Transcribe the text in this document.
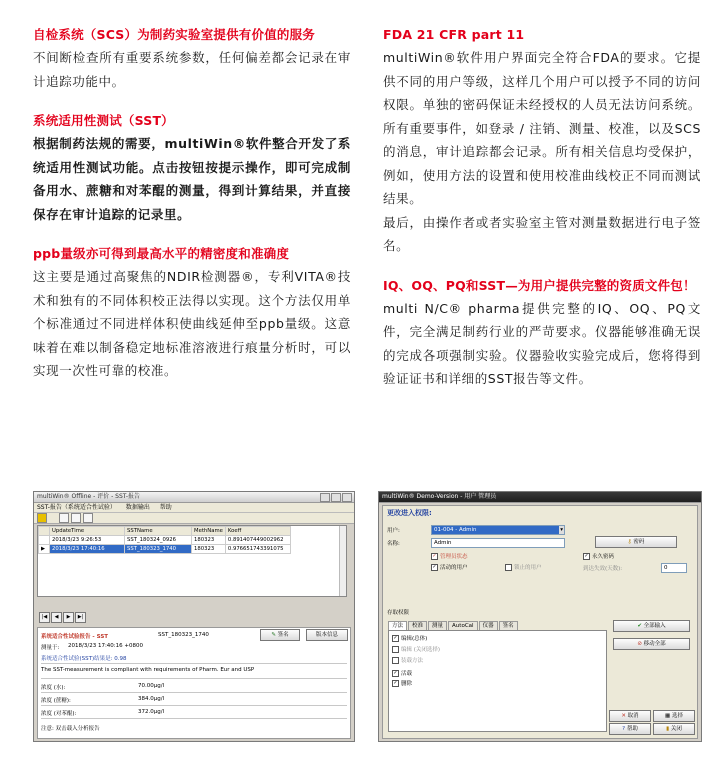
自检系统（SCS）为制药实验室提供有价值的服务

不间断检查所有重要系统参数，任何偏差都会记录在审计追踪功能中。

系统适用性测试（SST）

根据制药法规的需要，multiWin®软件整合开发了系统适用性测试功能。点击按钮按提示操作，即可完成制备用水、蔗糖和对苯醌的测量，得到计算结果，并直接保存在审计追踪的记录里。

ppb量级亦可得到最高水平的精密度和准确度

这主要是通过高聚焦的NDIR检测器®，专利VITA®技术和独有的不同体积校正法得以实现。这个方法仅用单个标准通过不同进样体积使曲线延伸至ppb量级。这意味着在难以制备稳定地标准溶液进行痕量分析时，可以实现一次性可靠的校准。

FDA 21 CFR part 11

multiWin®软件用户界面完全符合FDA的要求。它提供不同的用户等级，这样几个用户可以授予不同的访问权限。单独的密码保证未经授权的人员无法访问系统。所有重要事件，如登录 / 注销、测量、校准，以及SCS的消息，审计追踪都会记录。所有相关信息均受保护，例如，使用方法的设置和使用校准曲线校正不同而测试结果。

最后，由操作者或者实验室主管对测量数据进行电子签名。

IQ、OQ、PQ和SST—为用户提供完整的资质文件包！

multi N/C® pharma提供完整的IQ、OQ、PQ文件，完全满足制药行业的严苛要求。仪器能够准确无误的完成各项强制实验。仪器验收实验完成后，您将得到验证证书和详细的SST报告等文件。

multiWin® Offline - 评价 - SST-报告
SST-报告（系统适合性试验） 数据输出 帮助
	UpdateTime	SSTName	MethName	Koeff
	2018/3/23 9:26:53	SST_180324_0926	180323	0.891407449002962
▶	2018/3/23 17:40:16	SST_180323_1740	180323	0.976651743391075
|◀	◀	▶	▶|
系统适合性试验报告 - SST	SST_180323_1740	✎ 签名	版本信息
测量于: 2018/3/23 17:40:16 +0800
系统适合性试验(SST)结果是: 0.98
The SST-measurement is compliant with requirements of Pharm. Eur and USP
浓度 (水):	70.00µg/l
浓度 (蔗糖):	384.0µg/l
浓度 (对苯醌):	372.0µg/l
注意: 双击载入分析报告
multiWin® Demo-Version - 用户 管理员
更改进入权限:
用户:	01-004 - Admin	▾
名称:	Admin	⚷ 密码
✓ 管理员状态
✓ 活动的用户	锁止的用户
✓ 永久密码
到达失效(天数):	0
存取权限
方法	校准	测量	AutoCal	仪器	签名
✓ 编辑(总体)
编辑 (关闭选择)
装载方法
✓ 活载
✓ 删除
✔ 全部输入
⊘ 移动全部
✕ 取消	▦ 选择
? 帮助	▮ 关闭
